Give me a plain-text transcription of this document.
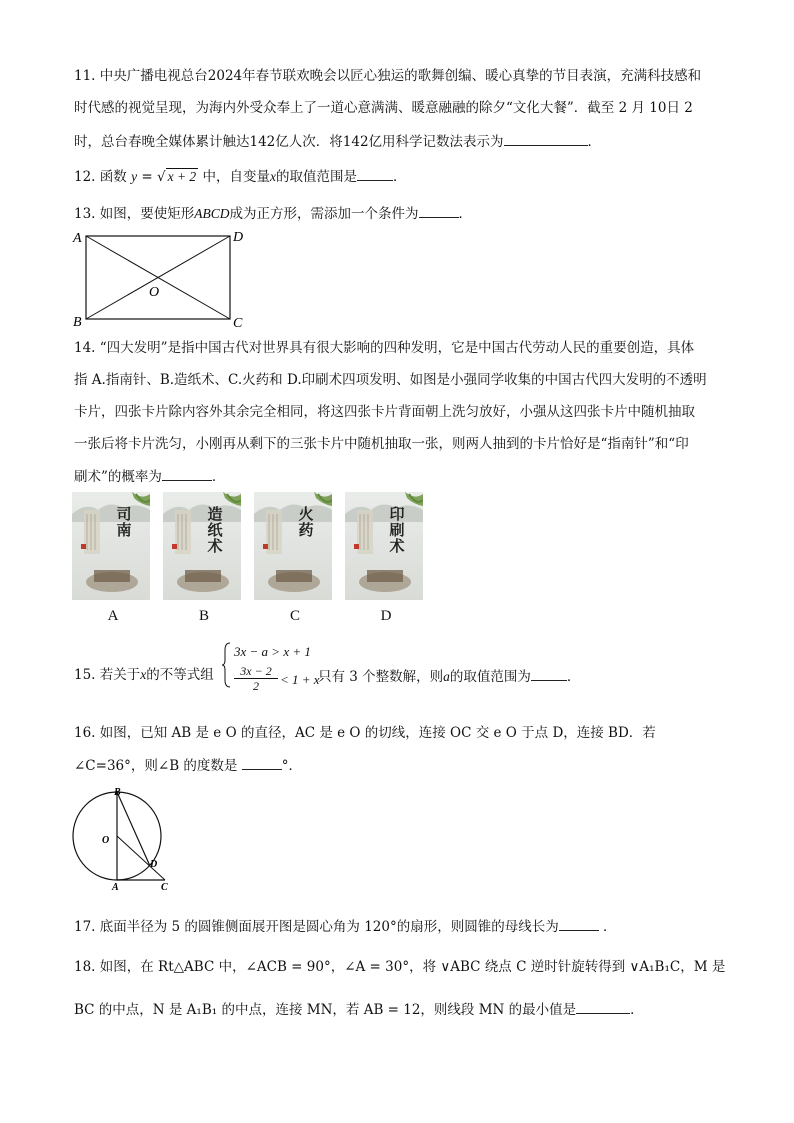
11. 中央广播电视总台2024年春节联欢晚会以匠心独运的歌舞创编、暖心真挚的节目表演，充满科技感和
时代感的视觉呈现，为海内外受众奉上了一道心意满满、暖意融融的除夕“文化大餐”．截至 2 月 10日 2
时，总台春晚全媒体累计触达142亿人次．将142亿用科学记数法表示为	．
12. 函数 y = √ x + 2 中，自变量x的取值范围是	．
13. 如图，要使矩形ABCD成为正方形，需添加一个条件为	．
A	D
B	C
O
14. “四大发明”是指中国古代对世界具有很大影响的四种发明，它是中国古代劳动人民的重要创造，具体
指 A.指南针、B.造纸术、C.火药和 D.印刷术四项发明、如图是小强同学收集的中国古代四大发明的不透明
卡片，四张卡片除内容外其余完全相同，将这四张卡片背面朝上洗匀放好，小强从这四张卡片中随机抽取
一张后将卡片洗匀，小刚再从剩下的三张卡片中随机抽取一张，则两人抽到的卡片恰好是“指南针”和“印
刷术”的概率为	．
司南
A
造纸术
B
火药
C
印刷术
D
15. 若关于x的不等式组
3x − a > x + 1
$\frac{3x - 2}{2} < 1 + x$
只有 3 个整数解，则a的取值范围为	．
16. 如图，已知 AB 是 e O 的直径，AC 是 e O 的切线，连接 OC 交 e O 于点 D，连接 BD．若
∠C=36°，则∠B 的度数是	°．
B
O
D
A	C
17. 底面半径为 5 的圆锥侧面展开图是圆心角为 120°的扇形，则圆锥的母线长为	．
18. 如图，在 Rt△ABC 中，∠ACB = 90°，∠A = 30°，将 ∨ABC 绕点 C 逆时针旋转得到 ∨A₁B₁C，M 是
BC 的中点，N 是 A₁B₁ 的中点，连接 MN，若 AB = 12，则线段 MN 的最小值是	．
